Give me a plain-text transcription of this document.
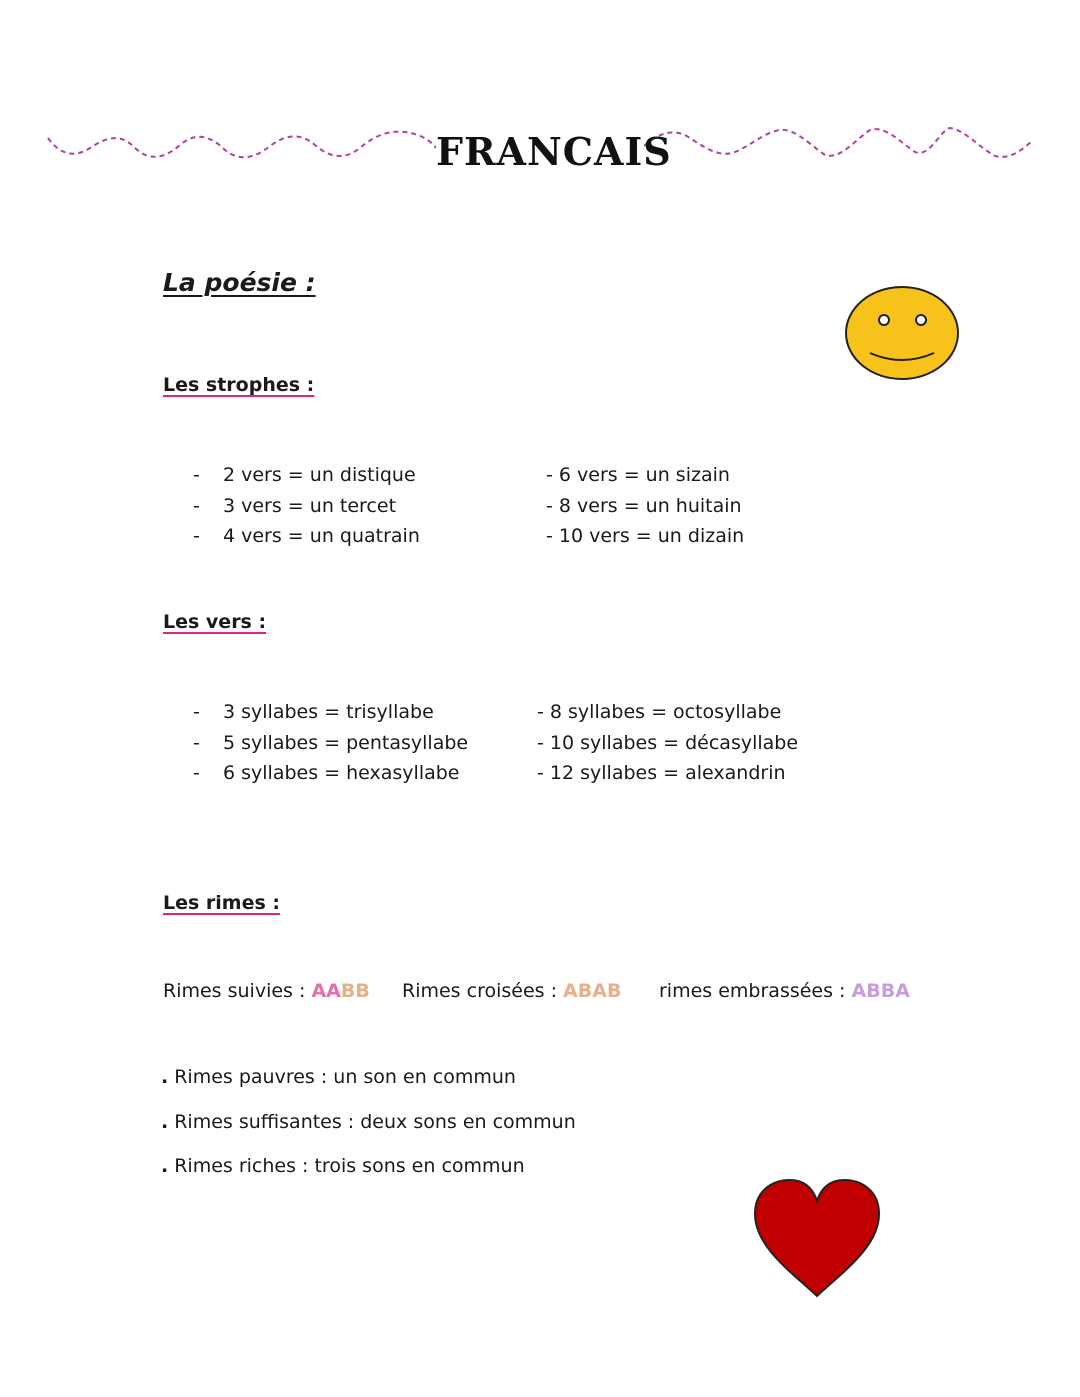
FRANCAIS
La poésie :
Les strophes :
- 2 vers = un distique
- 3 vers = un tercet
- 4 vers = un quatrain
- 6 vers = un sizain
- 8 vers = un huitain
- 10 vers = un dizain
Les vers :
- 3 syllabes = trisyllabe
- 5 syllabes = pentasyllabe
- 6 syllabes = hexasyllabe
- 8 syllabes = octosyllabe
- 10 syllabes = décasyllabe
- 12 syllabes = alexandrin
Les rimes :
Rimes suivies : AABB Rimes croisées : ABAB rimes embrassées : ABBA
. Rimes pauvres : un son en commun
. Rimes suffisantes : deux sons en commun
. Rimes riches : trois sons en commun
